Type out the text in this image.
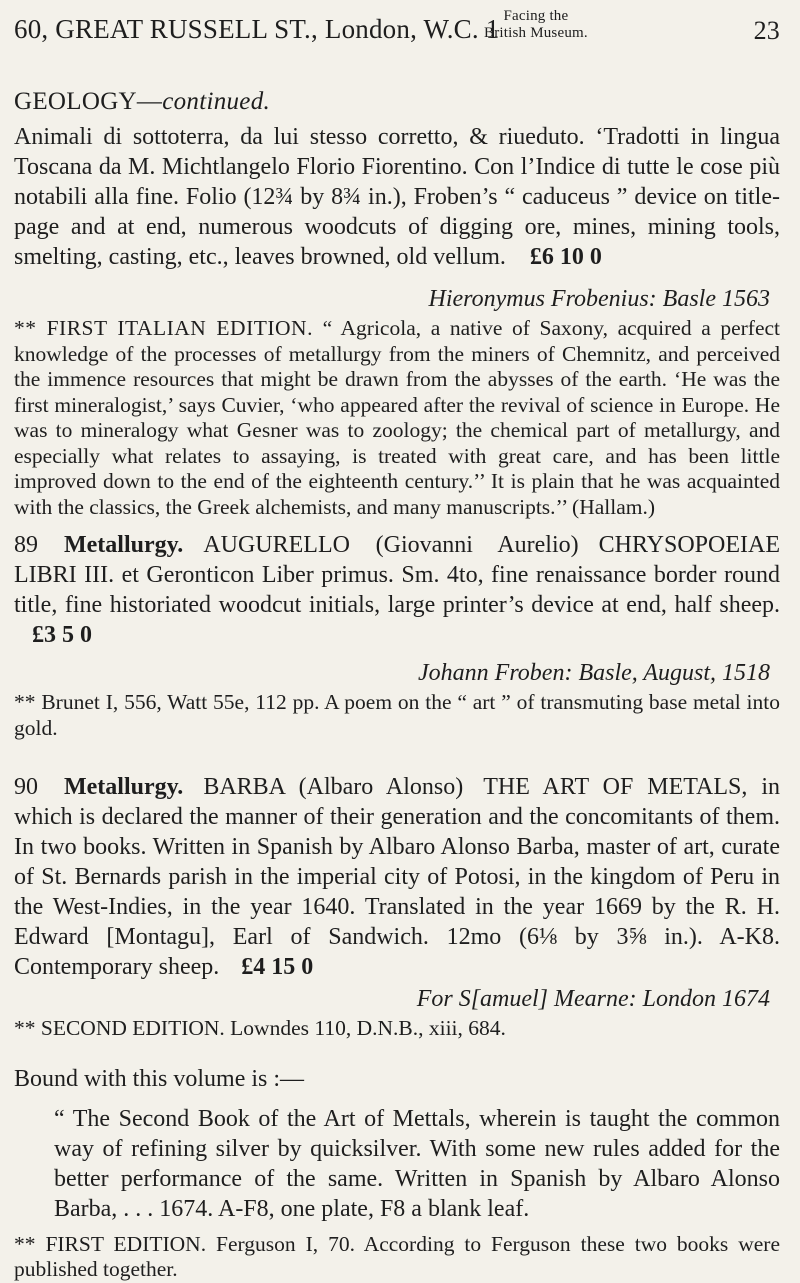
60, GREAT RUSSELL ST., London, W.C. 1 Facing the
British Museum.	23
GEOLOGY—continued.

Animali di sottoterra, da lui stesso corretto, & riueduto. ‘Tradotti in lingua Toscana da M. Michtlangelo Florio Fiorentino. Con l’Indice di tutte le cose più notabili alla fine. Folio (12¾ by 8¾ in.), Froben’s “ caduceus ” device on title-page and at end, numerous woodcuts of digging ore, mines, mining tools, smelting, casting, etc., leaves browned, old vellum. £6 10 0

Hieronymus Frobenius: Basle 1563

** FIRST ITALIAN EDITION. “ Agricola, a native of Saxony, acquired a perfect knowledge of the processes of metallurgy from the miners of Chemnitz, and perceived the immence resources that might be drawn from the abysses of the earth. ‘He was the first mineralogist,’ says Cuvier, ‘who appeared after the revival of science in Europe. He was to mineralogy what Gesner was to zoology; the chemical part of metallurgy, and especially what relates to assaying, is treated with great care, and has been little improved down to the end of the eighteenth century.’’ It is plain that he was acquainted with the classics, the Greek alchemists, and many manuscripts.’’ (Hallam.)

89 Metallurgy. AUGURELLO (Giovanni Aurelio) CHRYSOPOEIAE LIBRI III. et Geronticon Liber primus. Sm. 4to, fine renaissance border round title, fine historiated woodcut initials, large printer’s device at end, half sheep. £3 5 0

Johann Froben: Basle, August, 1518

** Brunet I, 556, Watt 55e, 112 pp. A poem on the “ art ” of transmuting base metal into gold.

90 Metallurgy. BARBA (Albaro Alonso) THE ART OF METALS, in which is declared the manner of their generation and the concomitants of them. In two books. Written in Spanish by Albaro Alonso Barba, master of art, curate of St. Bernards parish in the imperial city of Potosi, in the kingdom of Peru in the West-Indies, in the year 1640. Translated in the year 1669 by the R. H. Edward [Montagu], Earl of Sandwich. 12mo (6⅛ by 3⅝ in.). A-K8. Contemporary sheep. £4 15 0

For S[amuel] Mearne: London 1674

** SECOND EDITION. Lowndes 110, D.N.B., xiii, 684.

Bound with this volume is :—

“ The Second Book of the Art of Mettals, wherein is taught the common way of refining silver by quicksilver. With some new rules added for the better performance of the same. Written in Spanish by Albaro Alonso Barba, . . . 1674. A-F8, one plate, F8 a blank leaf.

** FIRST EDITION. Ferguson I, 70. According to Ferguson these two books were published together.
